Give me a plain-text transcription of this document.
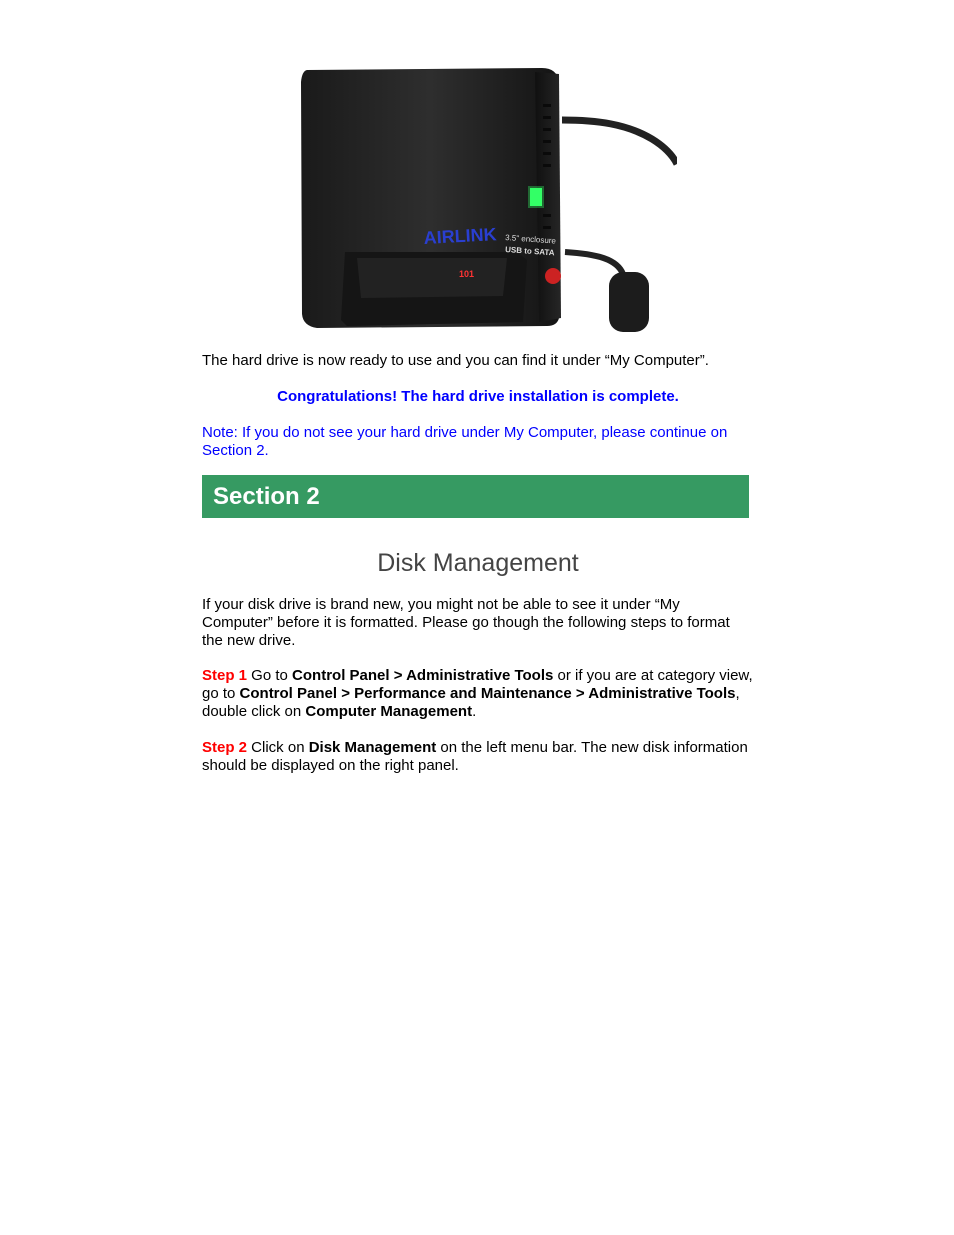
AIRLINK
101
3.5" enclosure
USB to SATA
The hard drive is now ready to use and you can find it under “My Computer”.
Congratulations! The hard drive installation is complete.
Note: If you do not see your hard drive under My Computer, please continue on Section 2.
Section 2
Disk Management
If your disk drive is brand new, you might not be able to see it under “My Computer” before it is formatted. Please go though the following steps to format the new drive.
Step 1 Go to Control Panel > Administrative Tools or if you are at category view, go to Control Panel > Performance and Maintenance > Administrative Tools, double click on Computer Management.
Step 2 Click on Disk Management on the left menu bar. The new disk information should be displayed on the right panel.
